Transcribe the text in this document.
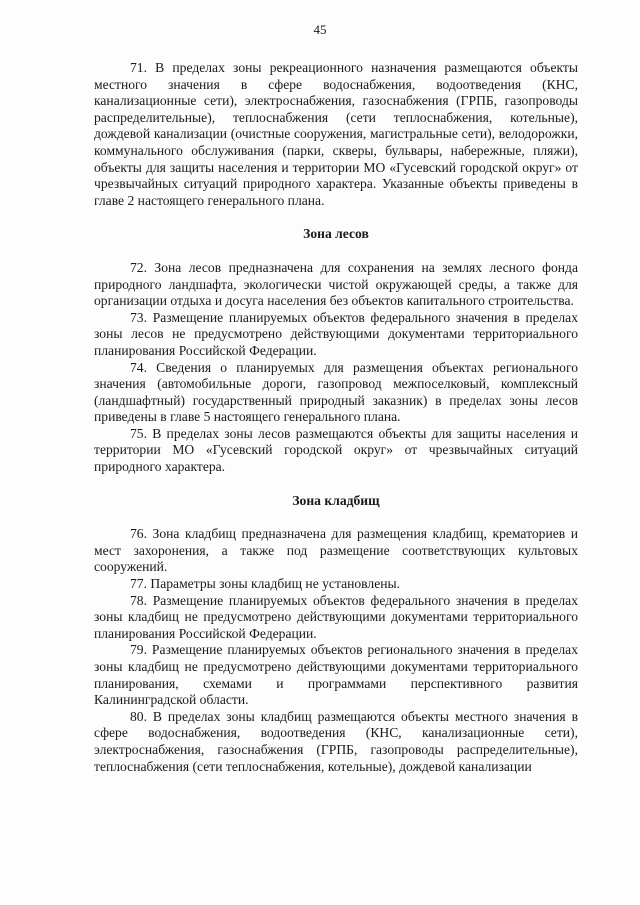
45

71. В пределах зоны рекреационного назначения размещаются объекты местного значения в сфере водоснабжения, водоотведения (КНС, канализационные сети), электроснабжения, газоснабжения (ГРПБ, газопроводы распределительные), теплоснабжения (сети теплоснабжения, котельные), дождевой канализации (очистные сооружения, магистральные сети), велодорожки, коммунального обслуживания (парки, скверы, бульвары, набережные, пляжи), объекты для защиты населения и территории МО «Гусевский городской округ» от чрезвычайных ситуаций природного характера. Указанные объекты приведены в главе 2 настоящего генерального плана.

Зона лесов

72. Зона лесов предназначена для сохранения на землях лесного фонда природного ландшафта, экологически чистой окружающей среды, а также для организации отдыха и досуга населения без объектов капитального строительства.

73. Размещение планируемых объектов федерального значения в пределах зоны лесов не предусмотрено действующими документами территориального планирования Российской Федерации.

74. Сведения о планируемых для размещения объектах регионального значения (автомобильные дороги, газопровод межпоселковый, комплексный (ландшафтный) государственный природный заказник) в пределах зоны лесов приведены в главе 5 настоящего генерального плана.

75. В пределах зоны лесов размещаются объекты для защиты населения и территории МО «Гусевский городской округ» от чрезвычайных ситуаций природного характера.

Зона кладбищ

76. Зона кладбищ предназначена для размещения кладбищ, крематориев и мест захоронения, а также под размещение соответствующих культовых сооружений.

77. Параметры зоны кладбищ не установлены.

78. Размещение планируемых объектов федерального значения в пределах зоны кладбищ не предусмотрено действующими документами территориального планирования Российской Федерации.

79. Размещение планируемых объектов регионального значения в пределах зоны кладбищ не предусмотрено действующими документами территориального планирования, схемами и программами перспективного развития Калининградской области.

80. В пределах зоны кладбищ размещаются объекты местного значения в сфере водоснабжения, водоотведения (КНС, канализационные сети), электроснабжения, газоснабжения (ГРПБ, газопроводы распределительные), теплоснабжения (сети теплоснабжения, котельные), дождевой канализации
